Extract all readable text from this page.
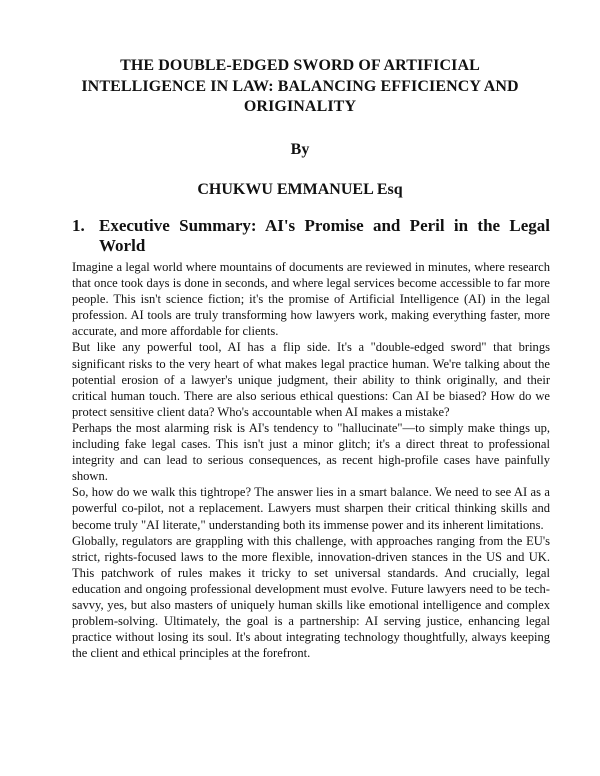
THE DOUBLE-EDGED SWORD OF ARTIFICIAL INTELLIGENCE IN LAW: BALANCING EFFICIENCY AND ORIGINALITY

By

CHUKWU EMMANUEL Esq

1. Executive Summary: AI's Promise and Peril in the Legal World

Imagine a legal world where mountains of documents are reviewed in minutes, where research that once took days is done in seconds, and where legal services become accessible to far more people. This isn't science fiction; it's the promise of Artificial Intelligence (AI) in the legal profession. AI tools are truly transforming how lawyers work, making everything faster, more accurate, and more affordable for clients.

But like any powerful tool, AI has a flip side. It's a "double-edged sword" that brings significant risks to the very heart of what makes legal practice human. We're talking about the potential erosion of a lawyer's unique judgment, their ability to think originally, and their critical human touch. There are also serious ethical questions: Can AI be biased? How do we protect sensitive client data? Who's accountable when AI makes a mistake?

Perhaps the most alarming risk is AI's tendency to "hallucinate"—to simply make things up, including fake legal cases. This isn't just a minor glitch; it's a direct threat to professional integrity and can lead to serious consequences, as recent high-profile cases have painfully shown.

So, how do we walk this tightrope? The answer lies in a smart balance. We need to see AI as a powerful co-pilot, not a replacement. Lawyers must sharpen their critical thinking skills and become truly "AI literate," understanding both its immense power and its inherent limitations.

Globally, regulators are grappling with this challenge, with approaches ranging from the EU's strict, rights-focused laws to the more flexible, innovation-driven stances in the US and UK. This patchwork of rules makes it tricky to set universal standards. And crucially, legal education and ongoing professional development must evolve. Future lawyers need to be tech-savvy, yes, but also masters of uniquely human skills like emotional intelligence and complex problem-solving. Ultimately, the goal is a partnership: AI serving justice, enhancing legal practice without losing its soul. It's about integrating technology thoughtfully, always keeping the client and ethical principles at the forefront.
